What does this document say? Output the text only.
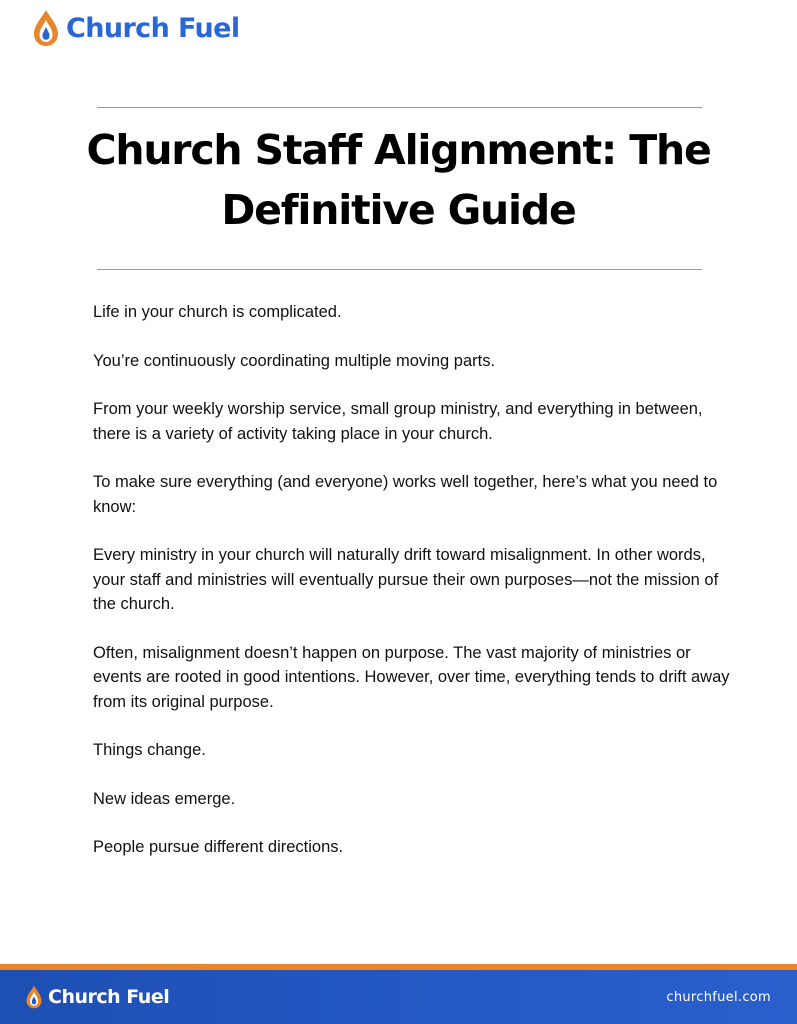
Church Fuel
Church Staff Alignment: The Definitive Guide

Life in your church is complicated.

You’re continuously coordinating multiple moving parts.

From your weekly worship service, small group ministry, and everything in between, there is a variety of activity taking place in your church.

To make sure everything (and everyone) works well together, here’s what you need to know:

Every ministry in your church will naturally drift toward misalignment. In other words, your staff and ministries will eventually pursue their own purposes—not the mission of the church.

Often, misalignment doesn’t happen on purpose. The vast majority of ministries or events are rooted in good intentions. However, over time, everything tends to drift away from its original purpose.

Things change.

New ideas emerge.

People pursue different directions.

Church Fuel	churchfuel.com
